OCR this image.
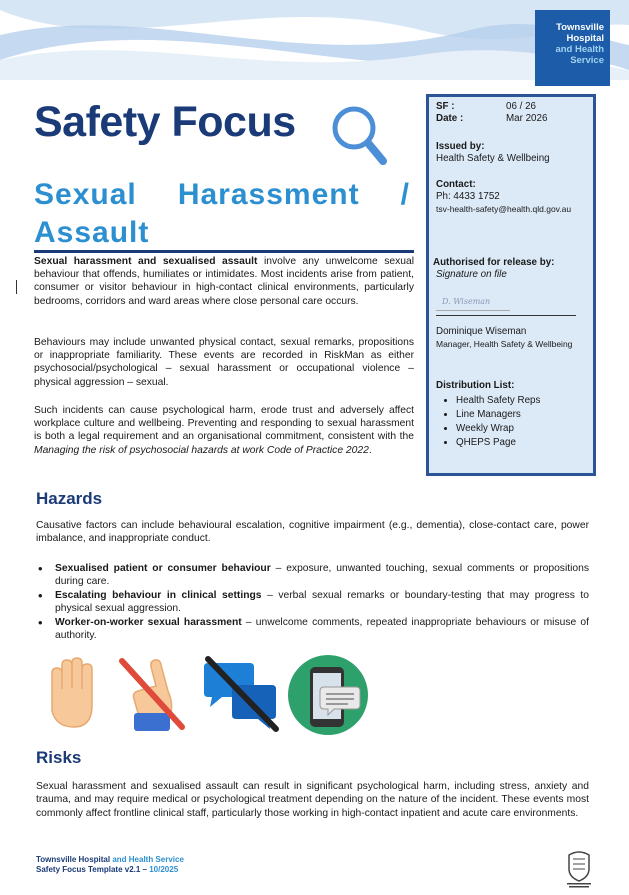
Townsville
Hospital
and Health
Service
Safety Focus
Sexual Harassment /
Assault

Sexual harassment and sexualised assault involve any unwelcome sexual behaviour that offends, humiliates or intimidates. Most incidents arise from patient, consumer or visitor behaviour in high-contact clinical environments, particularly bedrooms, corridors and ward areas where close personal care occurs.

Behaviours may include unwanted physical contact, sexual remarks, propositions or inappropriate familiarity. These events are recorded in RiskMan as either psychosocial/psychological – sexual harassment or occupational violence – physical aggression – sexual.

Such incidents can cause psychological harm, erode trust and adversely affect workplace culture and wellbeing. Preventing and responding to sexual harassment is both a legal requirement and an organisational commitment, consistent with the Managing the risk of psychosocial hazards at work Code of Practice 2022.

SF :	06 / 26
Date :	Mar 2026
Issued by:
Health Safety & Wellbeing
Contact:
Ph: 4433 1752
tsv-health-safety@health.qld.gov.au
Authorised for release by:
Signature on file
D. Wiseman
Dominique Wiseman
Manager, Health Safety & Wellbeing
Distribution List:
• Health Safety Reps
• Line Managers
• Weekly Wrap
• QHEPS Page
Hazards

Causative factors can include behavioural escalation, cognitive impairment (e.g., dementia), close-contact care, power imbalance, and inappropriate conduct.

• Sexualised patient or consumer behaviour – exposure, unwanted touching, sexual comments or propositions during care.
• Escalating behaviour in clinical settings – verbal sexual remarks or boundary-testing that may progress to physical sexual aggression.
• Worker-on-worker sexual harassment – unwelcome comments, repeated inappropriate behaviours or misuse of authority.
Risks

Sexual harassment and sexualised assault can result in significant psychological harm, including stress, anxiety and trauma, and may require medical or psychological treatment depending on the nature of the incident. These events most commonly affect frontline clinical staff, particularly those working in high-contact inpatient and acute care environments.

Townsville Hospital and Health Service
Safety Focus Template v2.1 – 10/2025
